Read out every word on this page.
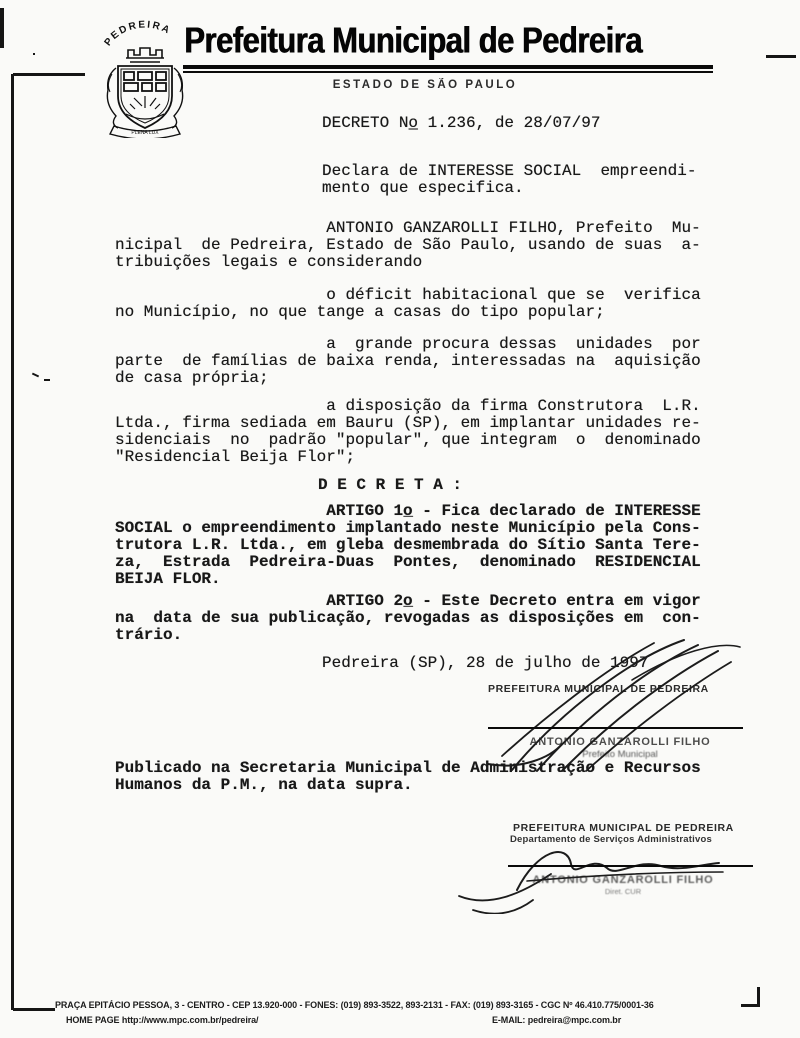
PEDREIRA
PLENA LUX
Prefeitura Municipal de Pedreira
ESTADO DE SÃO PAULO
DECRETO No̲ 1.236, de 28/07/97
Declara de INTERESSE SOCIAL  empreendi-
mento que especifica.
ANTONIO GANZAROLLI FILHO, Prefeito  Mu-
nicipal  de Pedreira, Estado de São Paulo, usando de suas  a-
tribuições legais e considerando
o déficit habitacional que se  verifica
no Município, no que tange a casas do tipo popular;
a  grande procura dessas  unidades  por
parte  de famílias de baixa renda, interessadas na  aquisição
de casa própria;
a disposição da firma Construtora  L.R.
Ltda., firma sediada em Bauru (SP), em implantar unidades re-
sidenciais  no  padrão "popular", que integram  o  denominado
"Residencial Beija Flor";
D E C R E T A :
ARTIGO 1o̲ - Fica declarado de INTERESSE
SOCIAL o empreendimento implantado neste Município pela Cons-
trutora L.R. Ltda., em gleba desmembrada do Sítio Santa Tere-
za,  Estrada  Pedreira-Duas  Pontes,  denominado  RESIDENCIAL
BEIJA FLOR.
ARTIGO 2o̲ - Este Decreto entra em vigor
na  data de sua publicação, revogadas as disposições em  con-
trário.
Pedreira (SP), 28 de julho de 1997
Publicado na Secretaria Municipal de Administração e Recursos
Humanos da P.M., na data supra.
PREFEITURA MUNICIPAL DE PEDREIRA
ANTONIO GANZAROLLI FILHO
Prefeito Municipal
PREFEITURA MUNICIPAL DE PEDREIRA
Departamento de Serviços Administrativos
ANTONIO GANZAROLLI FILHO
Diret. CUR
PRAÇA EPITÁCIO PESSOA, 3 - CENTRO - CEP 13.920-000 - FONES: (019) 893-3522, 893-2131 - FAX: (019) 893-3165 - CGC Nº 46.410.775/0001-36
HOME PAGE http://www.mpc.com.br/pedreira/	E-MAIL: pedreira@mpc.com.br
